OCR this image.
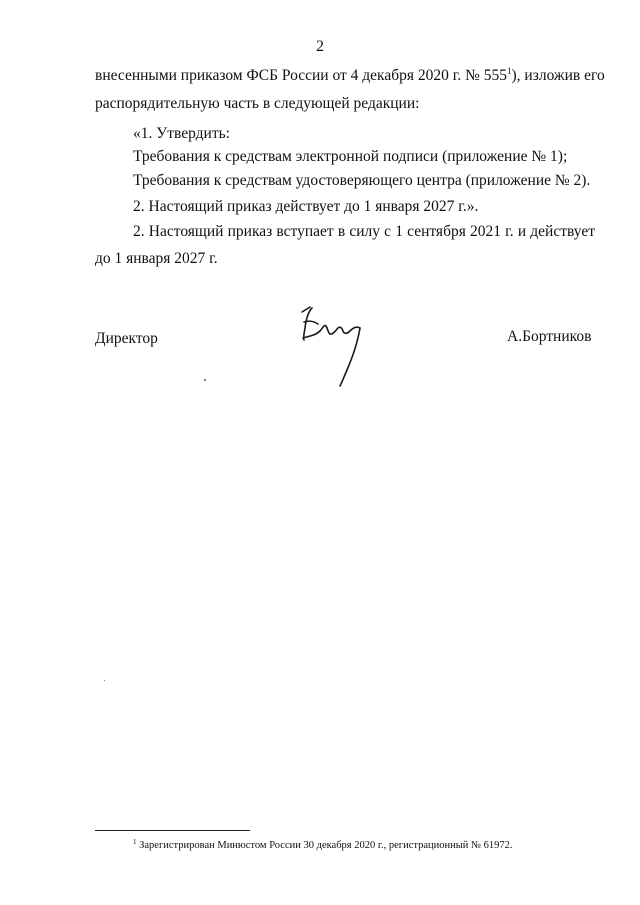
2
внесенными приказом ФСБ России от 4 декабря 2020 г. № $555^1$), изложив его
распорядительную часть в следующей редакции:
«1. Утвердить:
Требования к средствам электронной подписи (приложение № 1);
Требования к средствам удостоверяющего центра (приложение № 2).
2. Настоящий приказ действует до 1 января 2027 г.».
2. Настоящий приказ вступает в силу с 1 сентября 2021 г. и действует
до 1 января 2027 г.
Директор	А.Бортников
$^1$ Зарегистрирован Минюстом России 30 декабря 2020 г., регистрационный № 61972.
